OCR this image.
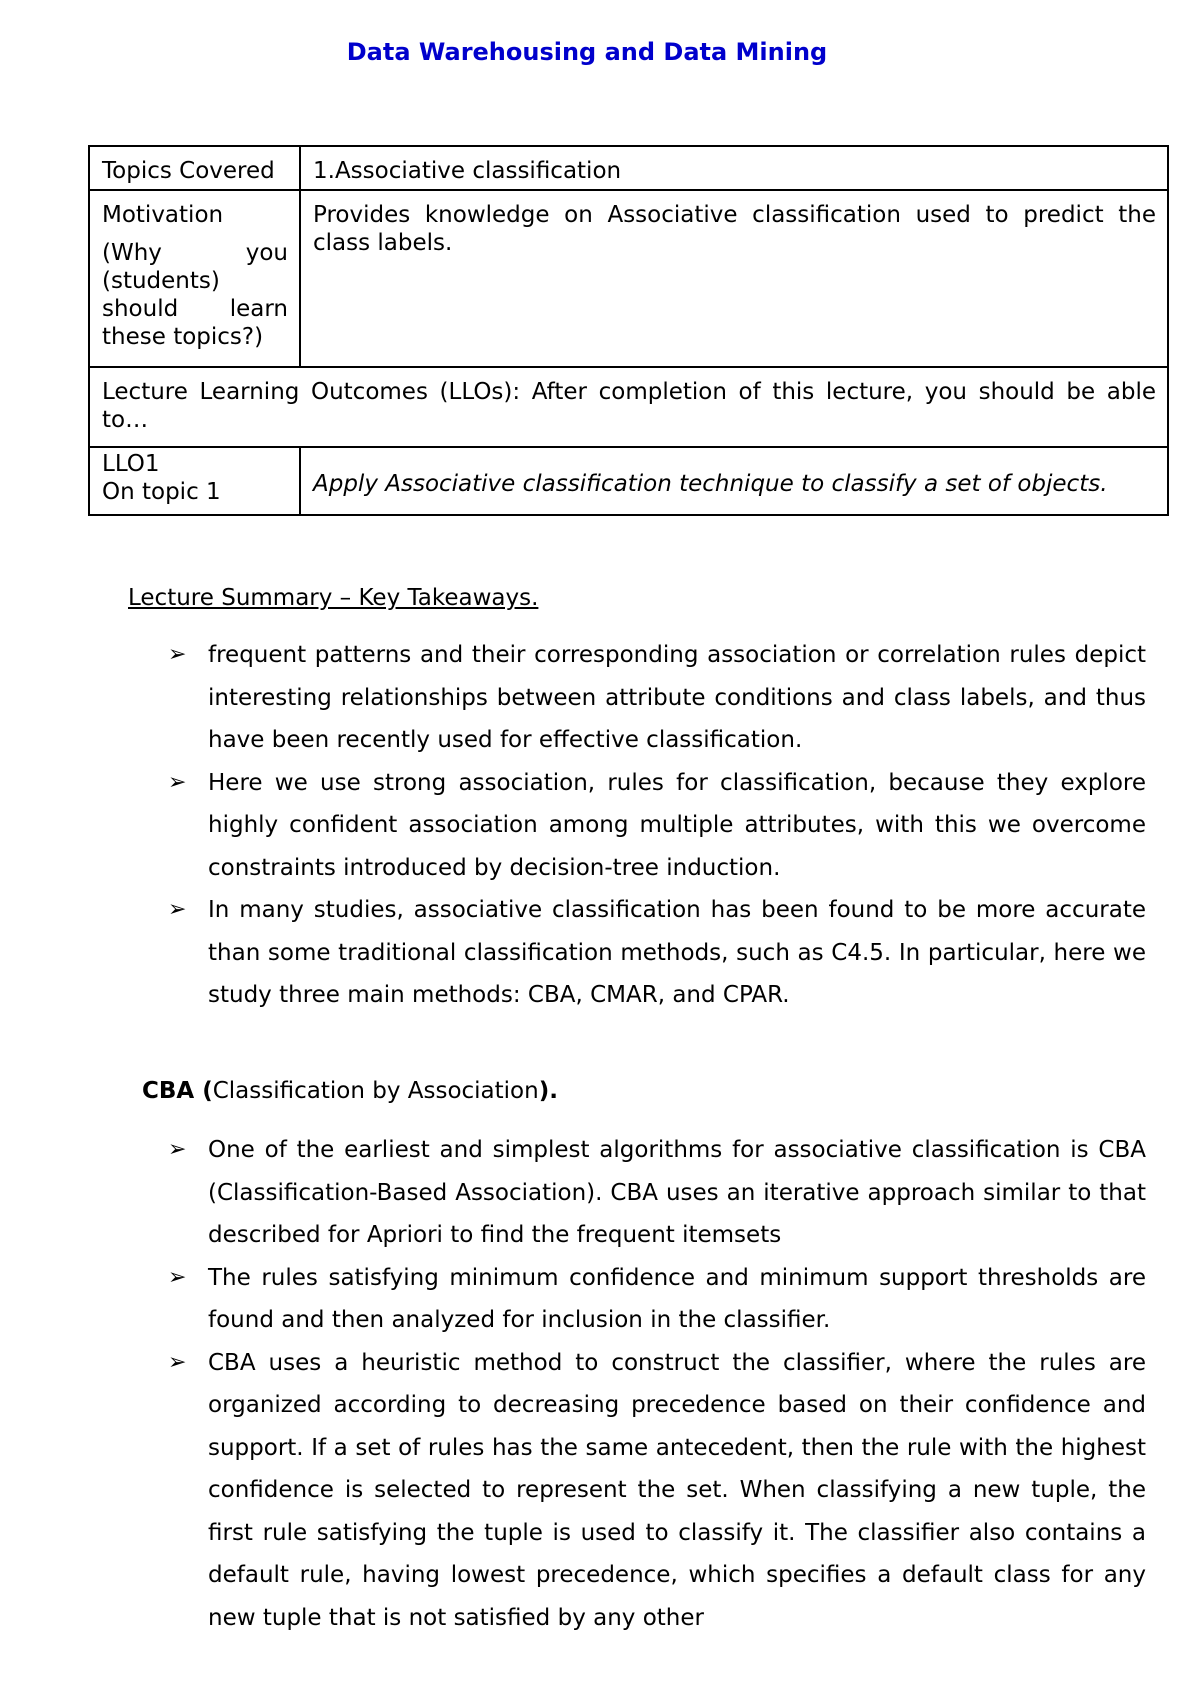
Data Warehousing and Data Mining
Topics Covered	1.Associative classification

Motivation
(Why you (students) should learn these topics?)	Provides knowledge on Associative classification used to predict the class labels.
Lecture Learning Outcomes (LLOs): After completion of this lecture, you should be able to…	

LLO1
On topic 1	Apply Associative classification technique to classify a set of objects.
Lecture Summary – Key Takeaways.
➢ frequent patterns and their corresponding association or correlation rules depict interesting relationships between attribute conditions and class labels, and thus have been recently used for effective classification.
➢ Here we use strong association, rules for classification, because they explore highly confident association among multiple attributes, with this we overcome constraints introduced by decision-tree induction.
➢ In many studies, associative classification has been found to be more accurate than some traditional classification methods, such as C4.5. In particular, here we study three main methods: CBA, CMAR, and CPAR.
CBA (Classification by Association).
➢ One of the earliest and simplest algorithms for associative classification is CBA (Classification-Based Association). CBA uses an iterative approach similar to that described for Apriori to find the frequent itemsets
➢ The rules satisfying minimum confidence and minimum support thresholds are found and then analyzed for inclusion in the classifier.
➢ CBA uses a heuristic method to construct the classifier, where the rules are organized according to decreasing precedence based on their confidence and support. If a set of rules has the same antecedent, then the rule with the highest confidence is selected to represent the set. When classifying a new tuple, the first rule satisfying the tuple is used to classify it. The classifier also contains a default rule, having lowest precedence, which specifies a default class for any new tuple that is not satisfied by any other
